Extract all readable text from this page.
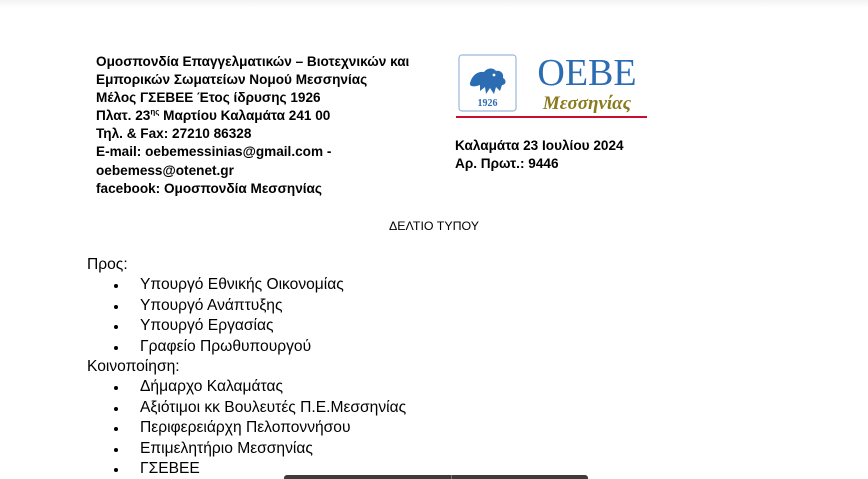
Ομοσπονδία Επαγγελματικών – Βιοτεχνικών και
Εμπορικών Σωματείων Νομού Μεσσηνίας
Μέλος ΓΣΕΒΕΕ Έτος ίδρυσης 1926
Πλατ. $23^{\eta\varsigma}$ Μαρτίου Καλαμάτα 241 00
Τηλ. & Fax: 27210 86328
E-mail: oebemessinias@gmail.com -
oebemess@otenet.gr
facebook: Ομοσπονδία Μεσσηνίας
1926
ΟΕΒΕ
Μεσσηνίας
Καλαμάτα 23 Ιουλίου 2024
Αρ. Πρωτ.: 9446
ΔΕΛΤΙΟ ΤΥΠΟΥ
Προς:
Υπουργό Εθνικής Οικονομίας
Υπουργό Ανάπτυξης
Υπουργό Εργασίας
Γραφείο Πρωθυπουργού
Κοινοποίηση:
Δήμαρχο Καλαμάτας
Αξιότιμοι κκ Βουλευτές Π.Ε.Μεσσηνίας
Περιφερειάρχη Πελοποννήσου
Επιμελητήριο Μεσσηνίας
ΓΣΕΒΕΕ
